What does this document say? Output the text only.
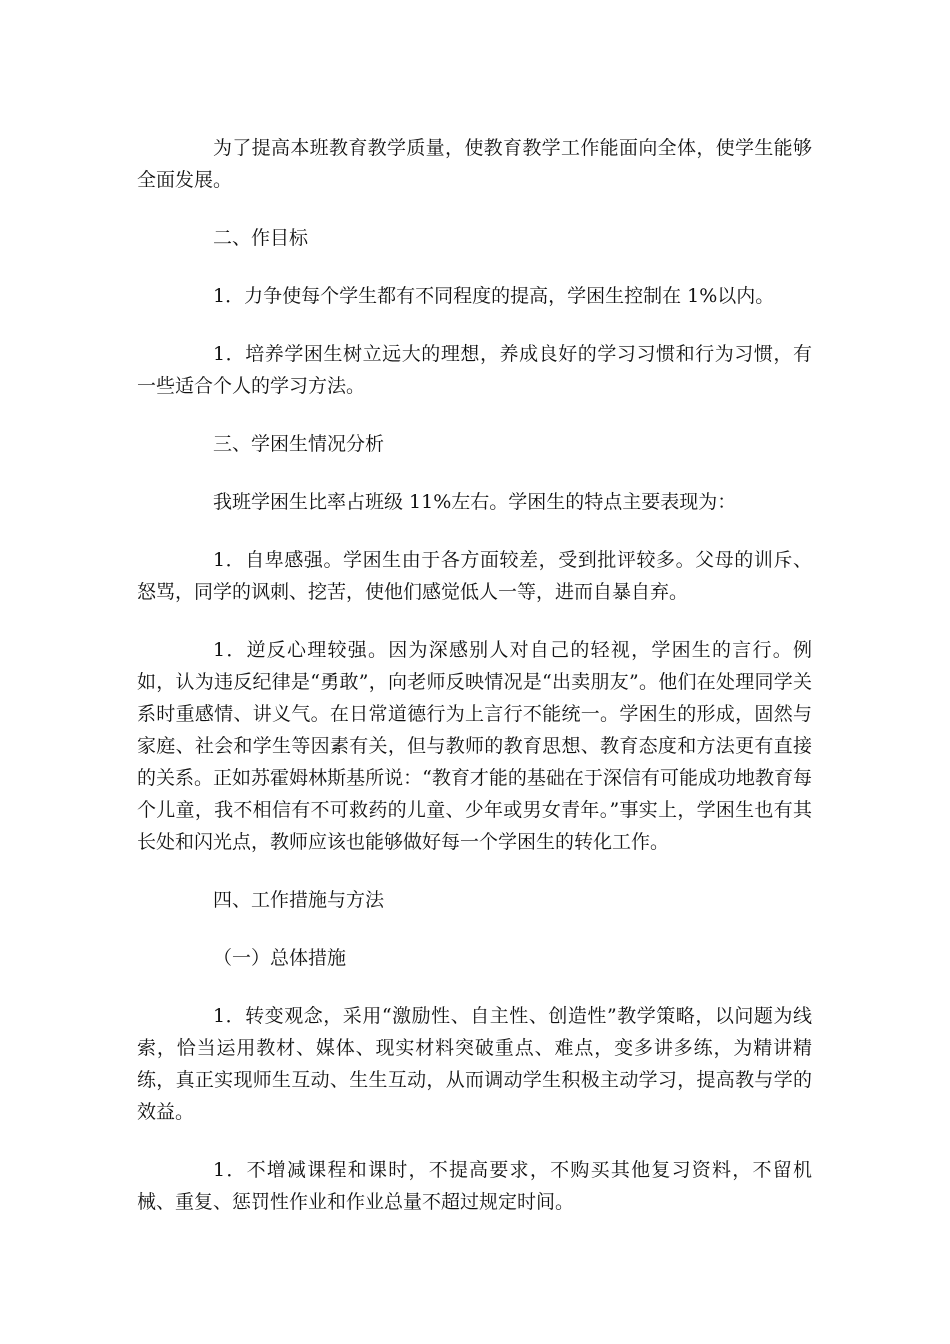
为了提高本班教育教学质量，使教育教学工作能面向全体，使学生能够全面发展。

二、作目标

1．力争使每个学生都有不同程度的提高，学困生控制在 1%以内。

1．培养学困生树立远大的理想，养成良好的学习习惯和行为习惯，有一些适合个人的学习方法。

三、学困生情况分析

我班学困生比率占班级 11%左右。学困生的特点主要表现为：

1．自卑感强。学困生由于各方面较差，受到批评较多。父母的训斥、怒骂，同学的讽刺、挖苦，使他们感觉低人一等，进而自暴自弃。

1．逆反心理较强。因为深感别人对自己的轻视，学困生的言行。例如，认为违反纪律是“勇敢”，向老师反映情况是“出卖朋友”。他们在处理同学关系时重感情、讲义气。在日常道德行为上言行不能统一。学困生的形成，固然与家庭、社会和学生等因素有关，但与教师的教育思想、教育态度和方法更有直接的关系。正如苏霍姆林斯基所说：“教育才能的基础在于深信有可能成功地教育每个儿童，我不相信有不可救药的儿童、少年或男女青年。”事实上，学困生也有其长处和闪光点，教师应该也能够做好每一个学困生的转化工作。

四、工作措施与方法

（一）总体措施

1．转变观念，采用“激励性、自主性、创造性”教学策略，以问题为线索，恰当运用教材、媒体、现实材料突破重点、难点，变多讲多练，为精讲精练，真正实现师生互动、生生互动，从而调动学生积极主动学习，提高教与学的效益。

1．不增减课程和课时，不提高要求，不购买其他复习资料，不留机械、重复、惩罚性作业和作业总量不超过规定时间。
